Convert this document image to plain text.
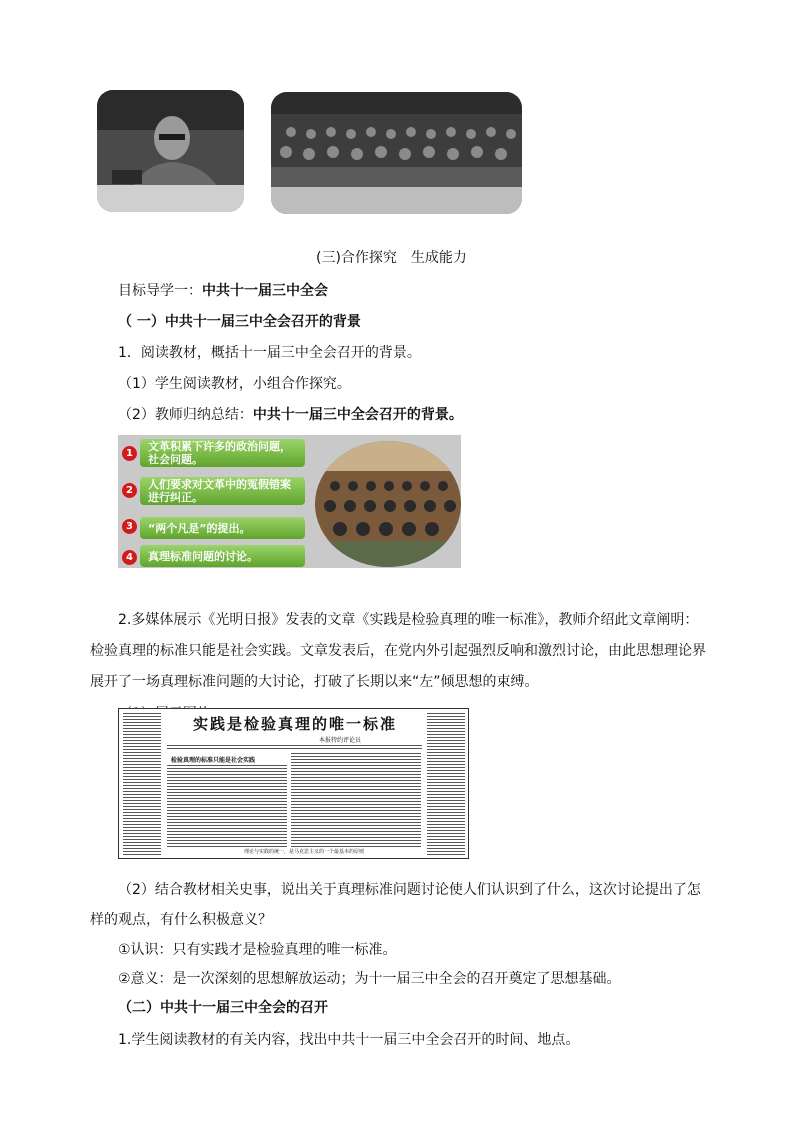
(三)合作探究　生成能力
目标导学一：中共十一届三中全会
（ 一）中共十一届三中全会召开的背景
1．阅读教材，概括十一届三中全会召开的背景。
（1）学生阅读教材，小组合作探究。
（2）教师归纳总结：中共十一届三中全会召开的背景。
1
文革积累下许多的政治问题，
社会问题。
2	人们要求对文革中的冤假错案
进行纠正。
3	“两个凡是”的提出。
4	真理标准问题的讨论。
2.多媒体展示《光明日报》发表的文章《实践是检验真理的唯一标准》，教师介绍此文章阐明：
检验真理的标准只能是社会实践。文章发表后，在党内外引起强烈反响和激烈讨论，由此思想理论界
展开了一场真理标准问题的大讨论，打破了长期以来“左”倾思想的束缚。
实践是检验真理的唯一标准
本报特约评论员
检验真理的标准只能是社会实践
理论与实践的统一，是马克思主义的一个最基本的原则
（2）结合教材相关史事，说出关于真理标准问题讨论使人们认识到了什么，这次讨论提出了怎
样的观点，有什么积极意义？
①认识：只有实践才是检验真理的唯一标准。
②意义：是一次深刻的思想解放运动；为十一届三中全会的召开奠定了思想基础。
（二）中共十一届三中全会的召开
1.学生阅读教材的有关内容，找出中共十一届三中全会召开的时间、地点。
